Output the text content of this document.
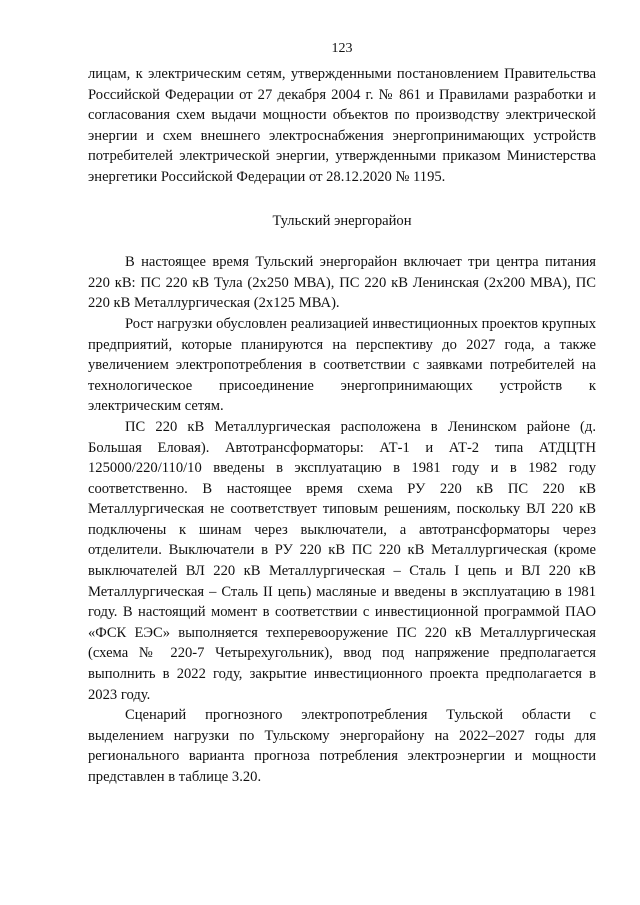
123

лицам, к электрическим сетям, утвержденными постановлением Правительства Российской Федерации от 27 декабря 2004 г. № 861 и Правилами разработки и согласования схем выдачи мощности объектов по производству электрической энергии и схем внешнего электроснабжения энергопринимающих устройств потребителей электрической энергии, утвержденными приказом Министерства энергетики Российской Федерации от 28.12.2020 № 1195.

Тульский энергорайон

В настоящее время Тульский энергорайон включает три центра питания 220 кВ: ПС 220 кВ Тула (2x250 МВА), ПС 220 кВ Ленинская (2x200 МВА), ПС 220 кВ Металлургическая (2x125 МВА).

Рост нагрузки обусловлен реализацией инвестиционных проектов крупных предприятий, которые планируются на перспективу до 2027 года, а также увеличением электропотребления в соответствии с заявками потребителей на технологическое присоединение энергопринимающих устройств к электрическим сетям.

ПС 220 кВ Металлургическая расположена в Ленинском районе (д. Большая Еловая). Автотрансформаторы: АТ-1 и АТ-2 типа АТДЦТН 125000/220/110/10 введены в эксплуатацию в 1981 году и в 1982 году соответственно. В настоящее время схема РУ 220 кВ ПС 220 кВ Металлургическая не соответствует типовым решениям, поскольку ВЛ 220 кВ подключены к шинам через выключатели, а автотрансформаторы через отделители. Выключатели в РУ 220 кВ ПС 220 кВ Металлургическая (кроме выключателей ВЛ 220 кВ Металлургическая – Сталь I цепь и ВЛ 220 кВ Металлургическая – Сталь II цепь) масляные и введены в эксплуатацию в 1981 году. В настоящий момент в соответствии с инвестиционной программой ПАО «ФСК ЕЭС» выполняется техперевооружение ПС 220 кВ Металлургическая (схема № 220-7 Четырехугольник), ввод под напряжение предполагается выполнить в 2022 году, закрытие инвестиционного проекта предполагается в 2023 году.

Сценарий прогнозного электропотребления Тульской области с выделением нагрузки по Тульскому энергорайону на 2022–2027 годы для регионального варианта прогноза потребления электроэнергии и мощности представлен в таблице 3.20.
